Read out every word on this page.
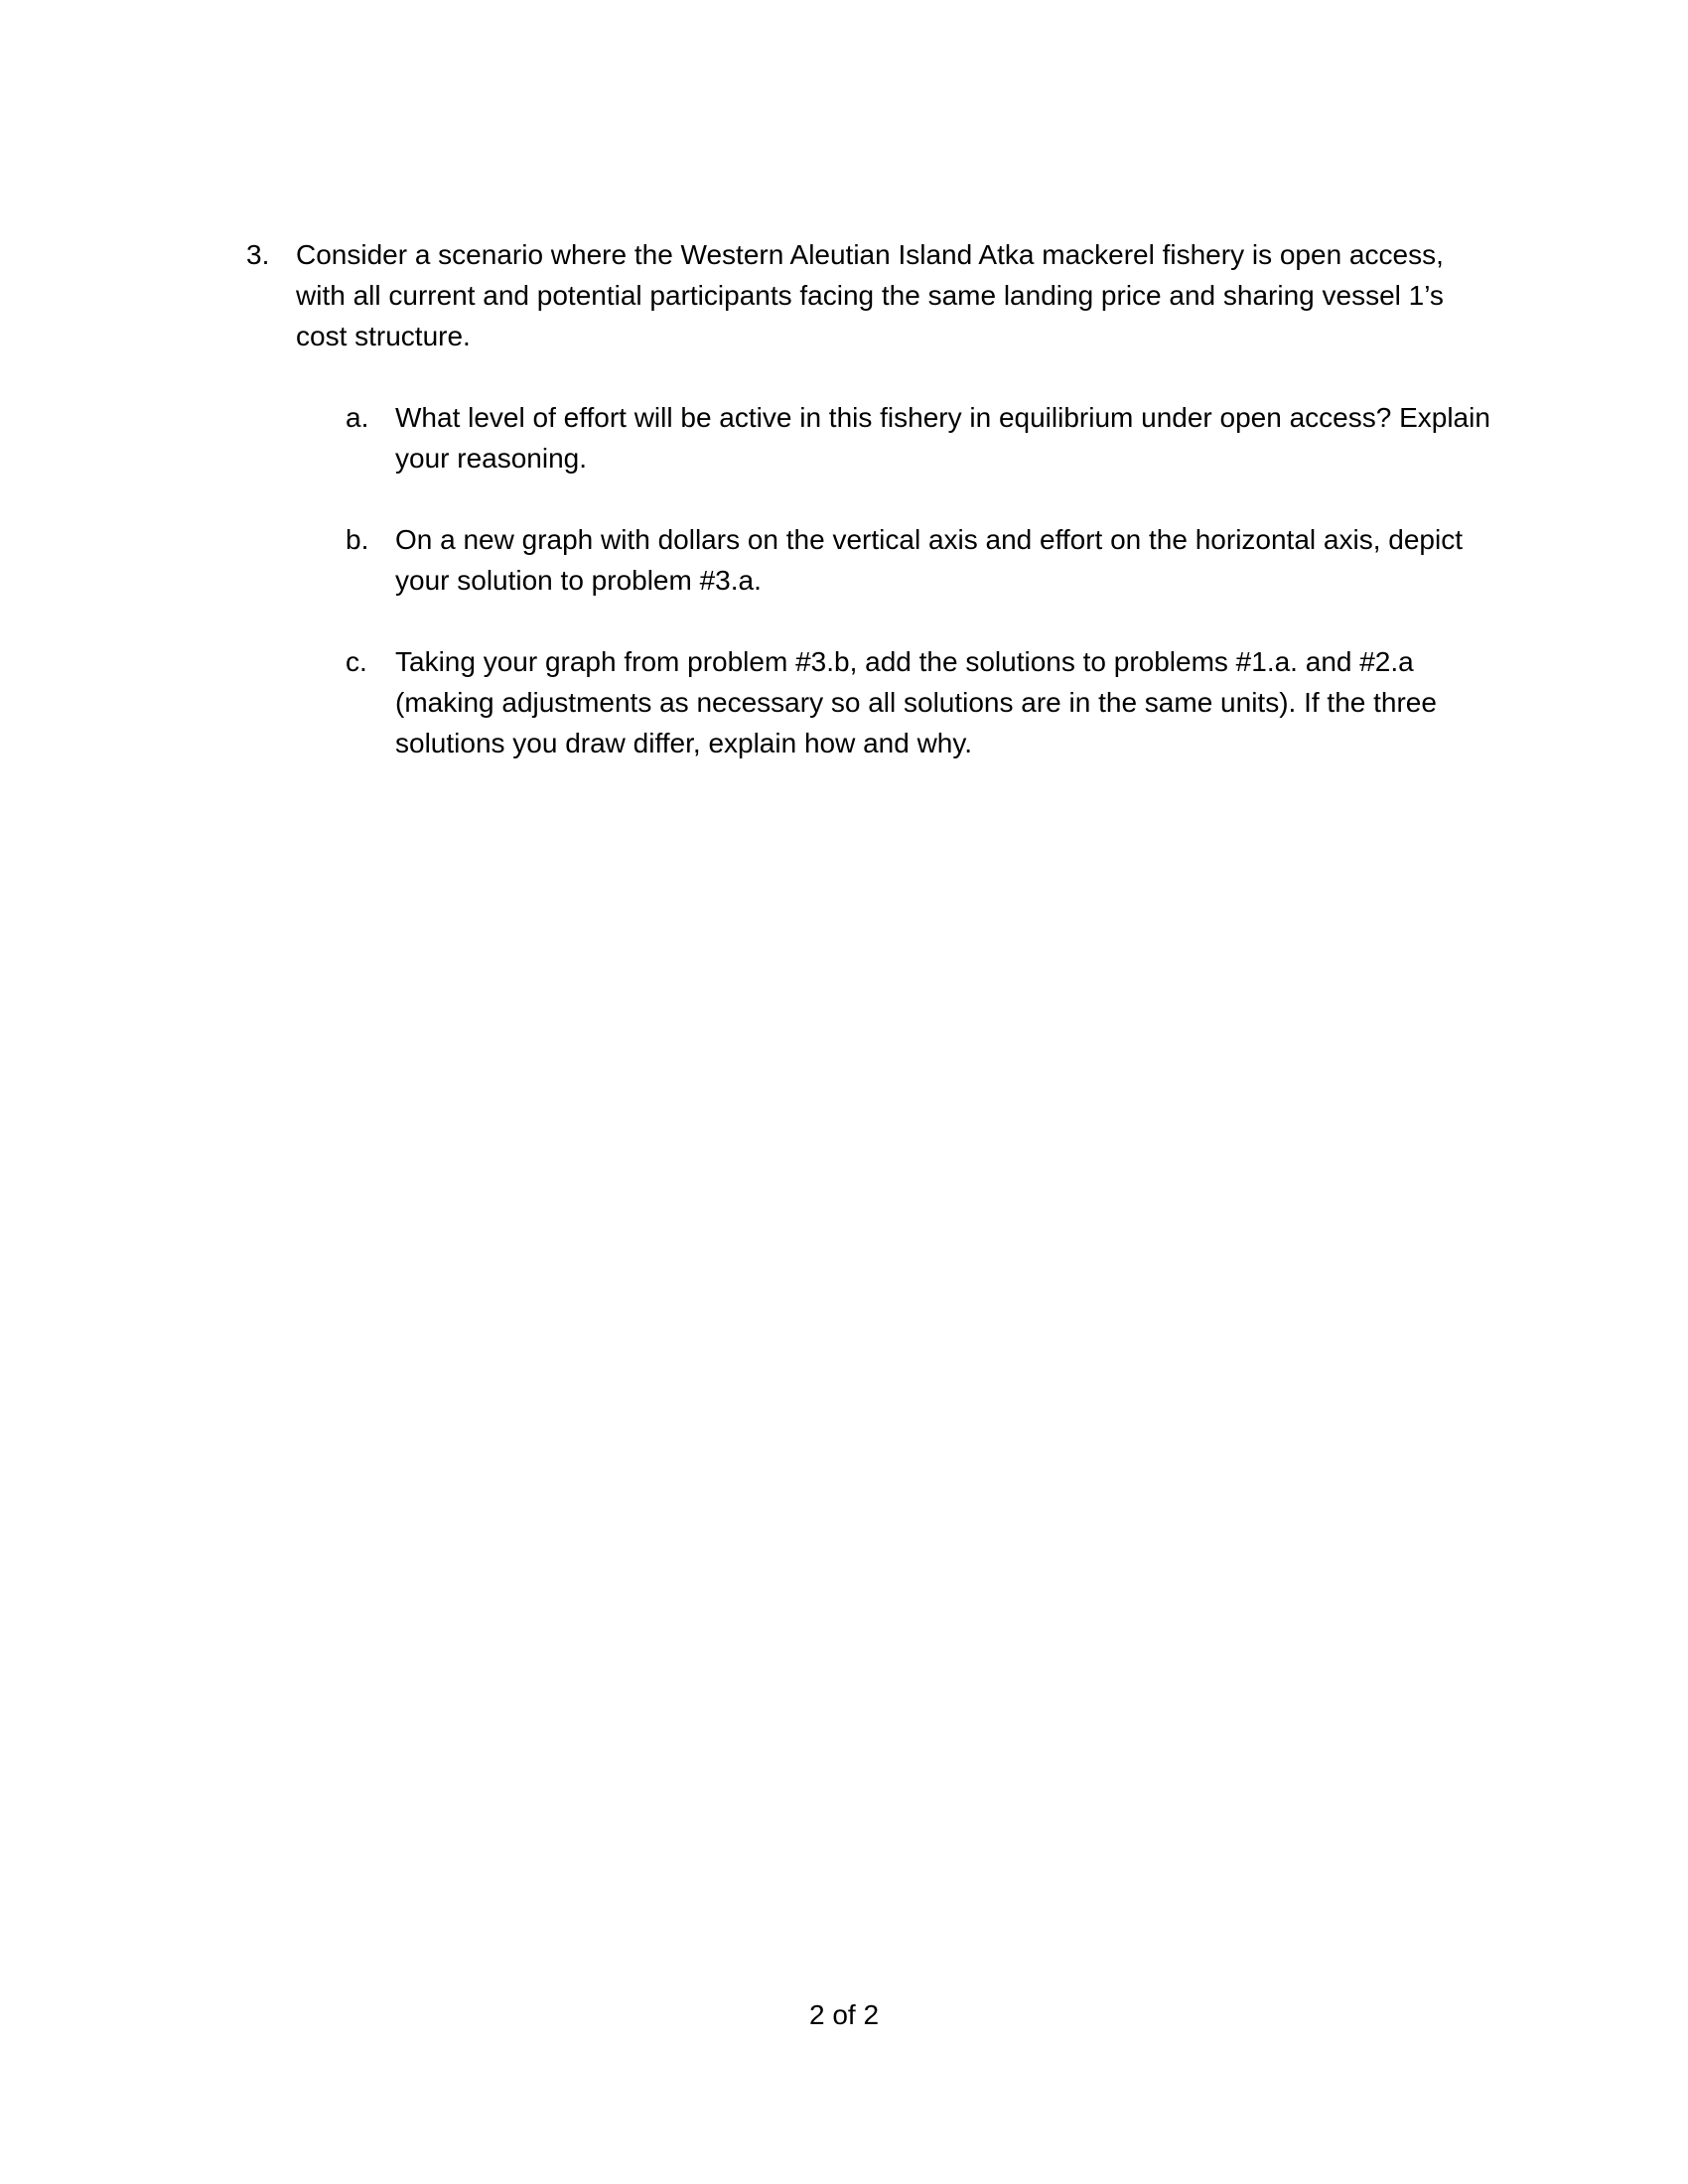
3. Consider a scenario where the Western Aleutian Island Atka mackerel fishery is open access, with all current and potential participants facing the same landing price and sharing vessel 1’s cost structure.
a. What level of effort will be active in this fishery in equilibrium under open access? Explain your reasoning.
b. On a new graph with dollars on the vertical axis and effort on the horizontal axis, depict your solution to problem #3.a.
c. Taking your graph from problem #3.b, add the solutions to problems #1.a. and #2.a (making adjustments as necessary so all solutions are in the same units). If the three solutions you draw differ, explain how and why.
2 of 2
